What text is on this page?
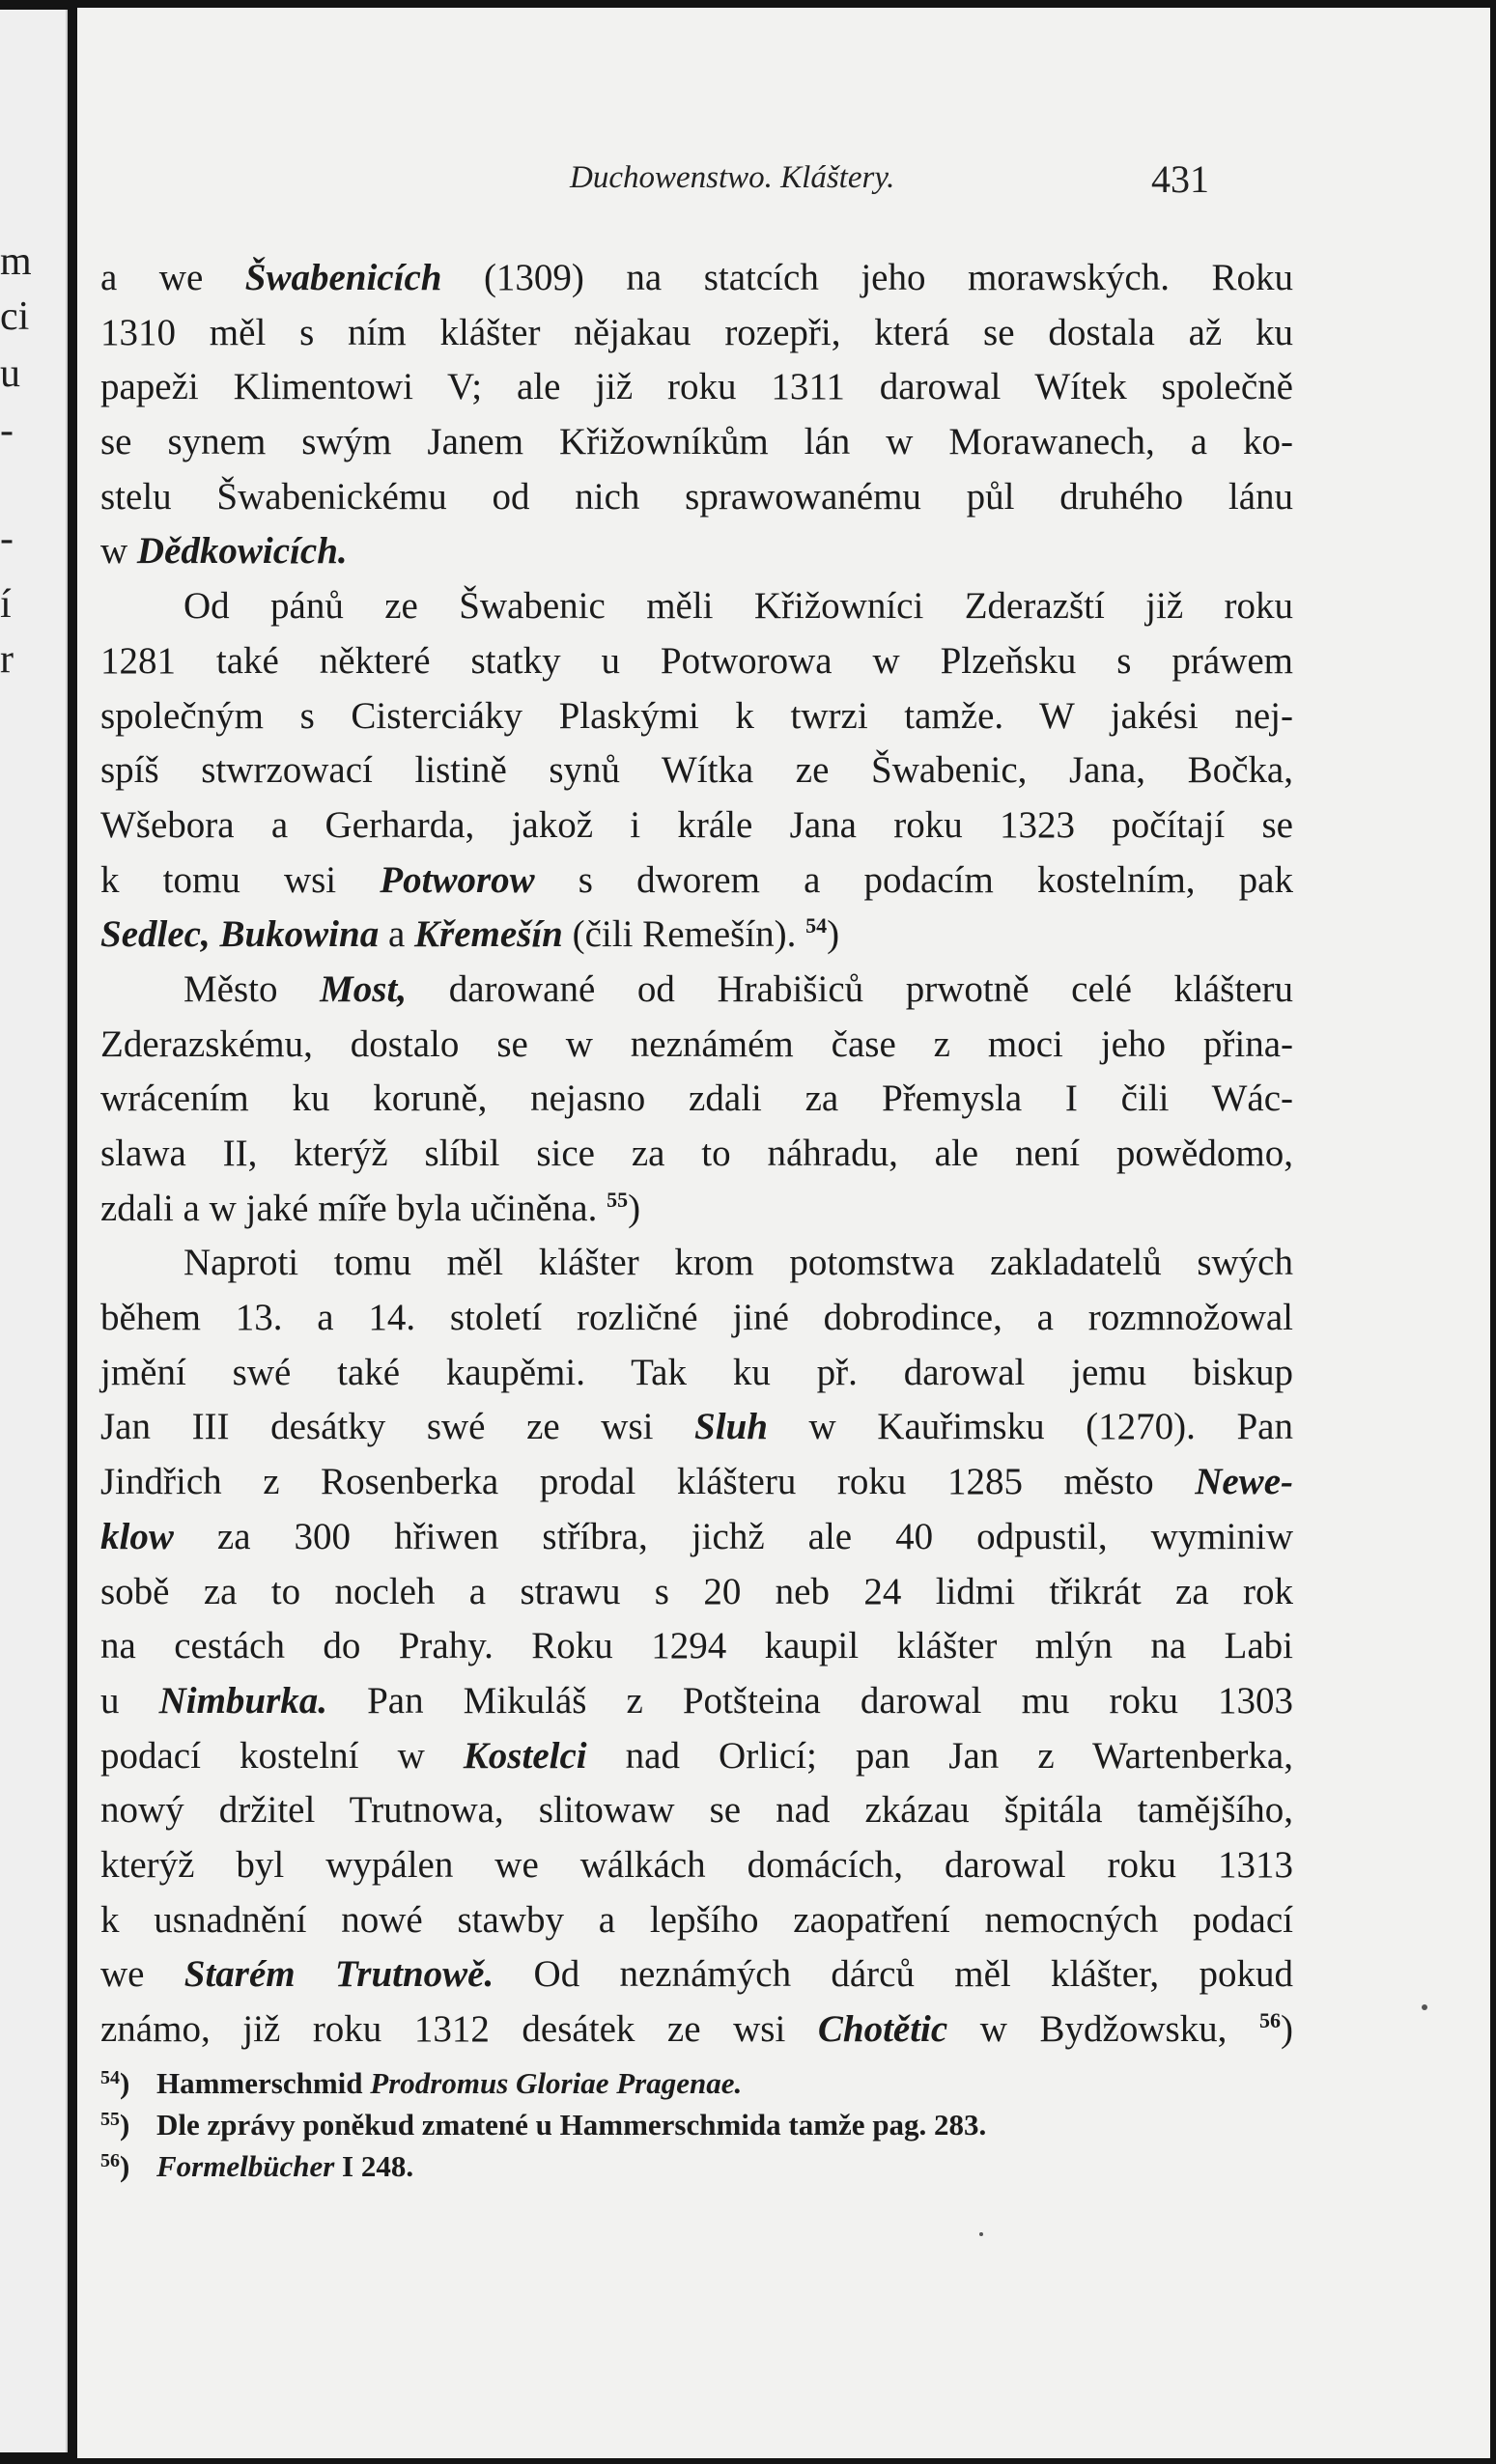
m
ci
u
-
-
í
r
Duchowenstwo. Kláštery.	431
a we Šwabenicích (1309) na statcích jeho morawských. Roku
1310 měl s ním klášter nějakau rozepři, která se dostala až ku
papeži Klimentowi V; ale již roku 1311 darowal Wítek společně
se synem swým Janem Křižowníkům lán w Morawanech, a ko-
stelu Šwabenickému od nich sprawowanému půl druhého lánu
w Dědkowicích.
Od pánů ze Šwabenic měli Křižowníci Zderazští již roku
1281 také některé statky u Potworowa w Plzeňsku s práwem
společným s Cisterciáky Plaskými k twrzi tamže. W jakési nej-
spíš stwrzowací listině synů Wítka ze Šwabenic, Jana, Bočka,
Wšebora a Gerharda, jakož i krále Jana roku 1323 počítají se
k tomu wsi Potworow s dworem a podacím kostelním, pak
Sedlec, Bukowina a Křemešín (čili Remešín). $^{54}$)
Město Most, darowané od Hrabišiců prwotně celé klášteru
Zderazskému, dostalo se w neznámém čase z moci jeho přina-
wrácením ku koruně, nejasno zdali za Přemysla I čili Wác-
slawa II, kterýž slíbil sice za to náhradu, ale není powědomo,
zdali a w jaké míře byla učiněna. $^{55}$)
Naproti tomu měl klášter krom potomstwa zakladatelů swých
během 13. a 14. století rozličné jiné dobrodince, a rozmnožowal
jmění swé také kaupěmi. Tak ku př. darowal jemu biskup
Jan III desátky swé ze wsi Sluh w Kauřimsku (1270). Pan
Jindřich z Rosenberka prodal klášteru roku 1285 město Newe-
klow za 300 hřiwen stříbra, jichž ale 40 odpustil, wyminiw
sobě za to nocleh a strawu s 20 neb 24 lidmi třikrát za rok
na cestách do Prahy. Roku 1294 kaupil klášter mlýn na Labi
u Nimburka. Pan Mikuláš z Potšteina darowal mu roku 1303
podací kostelní w Kostelci nad Orlicí; pan Jan z Wartenberka,
nowý držitel Trutnowa, slitowaw se nad zkázau špitála tamějšího,
kterýž byl wypálen we wálkách domácích, darowal roku 1313
k usnadnění nowé stawby a lepšího zaopatření nemocných podací
we Starém Trutnowě. Od neznámých dárců měl klášter, pokud
známo, již roku 1312 desátek ze wsi Chotětic w Bydžowsku, $^{56}$)
$^{54}$) Hammerschmid Prodromus Gloriae Pragenae.
$^{55}$) Dle zprávy poněkud zmatené u Hammerschmida tamže pag. 283.
$^{56}$) Formelbücher I 248.
